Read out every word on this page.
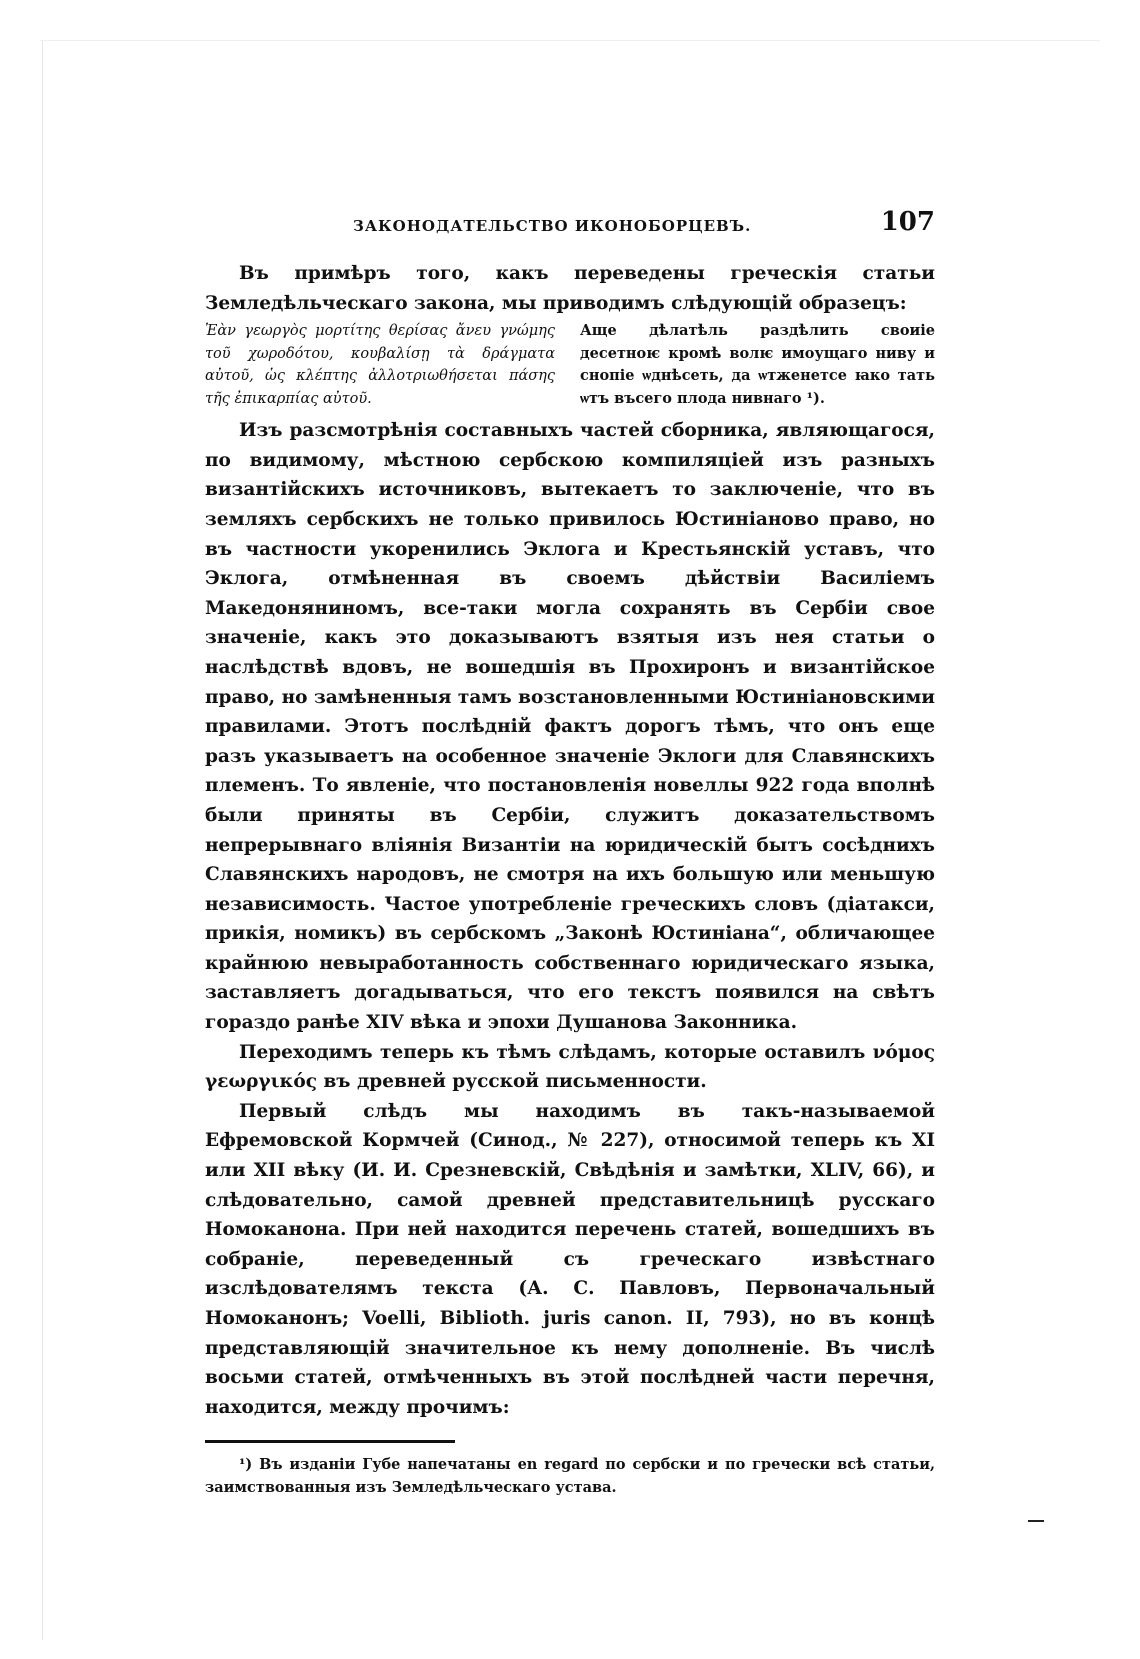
ЗАКОНОДАТЕЛЬСТВО ИКОНОБОРЦЕВЪ.	107

Въ примѣръ того, какъ переведены греческія статьи Земледѣльческаго закона, мы приводимъ слѣдующій образецъ:

Ἐὰν γεωργὸς μορτίτης θερίσας ἄνευ γνώμης τοῦ χωροδότου, κουβαλίσῃ τὰ δράγματα αὐτοῦ, ὡς κλέπτης ἀλλοτριωθήσεται πάσης τῆς ἐπικαρπίας αὐτοῦ.
Аще дѣлатѣль раздѣлить своиіе десетноѥ кромѣ волѥ имоущаго ниву и снопіе ѡднѣсеть, да ѡтженетсе ꙗко тать ѡтъ въсего плода нивнаго ¹).

Изъ разсмотрѣнія составныхъ частей сборника, являющагося, по видимому, мѣстною сербскою компиляціей изъ разныхъ византійскихъ источниковъ, вытекаетъ то заключеніе, что въ земляхъ сербскихъ не только привилось Юстиніаново право, но въ частности укоренились Эклога и Крестьянскій уставъ, что Эклога, отмѣненная въ своемъ дѣйствіи Василіемъ Македоняниномъ, все-таки могла сохранять въ Сербіи свое значеніе, какъ это доказываютъ взятыя изъ нея статьи о наслѣдствѣ вдовъ, не вошедшія въ Прохиронъ и византійское право, но замѣненныя тамъ возстановленными Юстиніановскими правилами. Этотъ послѣдній фактъ дорогъ тѣмъ, что онъ еще разъ указываетъ на особенное значеніе Эклоги для Славянскихъ племенъ. То явленіе, что постановленія новеллы 922 года вполнѣ были приняты въ Сербіи, служитъ доказательствомъ непрерывнаго вліянія Византіи на юридическій бытъ сосѣднихъ Славянскихъ народовъ, не смотря на ихъ большую или меньшую независимость. Частое употребленіе греческихъ словъ (діатакси, прикія, номикъ) въ сербскомъ „Законѣ Юстиніана“, обличающее крайнюю невыработанность собственнаго юридическаго языка, заставляетъ догадываться, что его текстъ появился на свѣтъ гораздо ранѣе XIV вѣка и эпохи Душанова Законника.

Переходимъ теперь къ тѣмъ слѣдамъ, которые оставилъ νόμος γεωργικός въ древней русской письменности.

Первый слѣдъ мы находимъ въ такъ-называемой Ефремовской Кормчей (Синод., № 227), относимой теперь къ XI или XII вѣку (И. И. Срезневскій, Свѣдѣнія и замѣтки, XLIV, 66), и слѣдовательно, самой древней представительницѣ русскаго Номоканона. При ней находится перечень статей, вошедшихъ въ собраніе, переведенный съ греческаго извѣстнаго изслѣдователямъ текста (А. С. Павловъ, Первоначальный Номоканонъ; Voelli, Biblioth. juris canon. II, 793), но въ концѣ представляющій значительное къ нему дополненіе. Въ числѣ восьми статей, отмѣченныхъ въ этой послѣдней части перечня, находится, между прочимъ:

¹) Въ изданіи Губе напечатаны en regard по сербски и по гречески всѣ статьи, заимствованныя изъ Земледѣльческаго устава.
